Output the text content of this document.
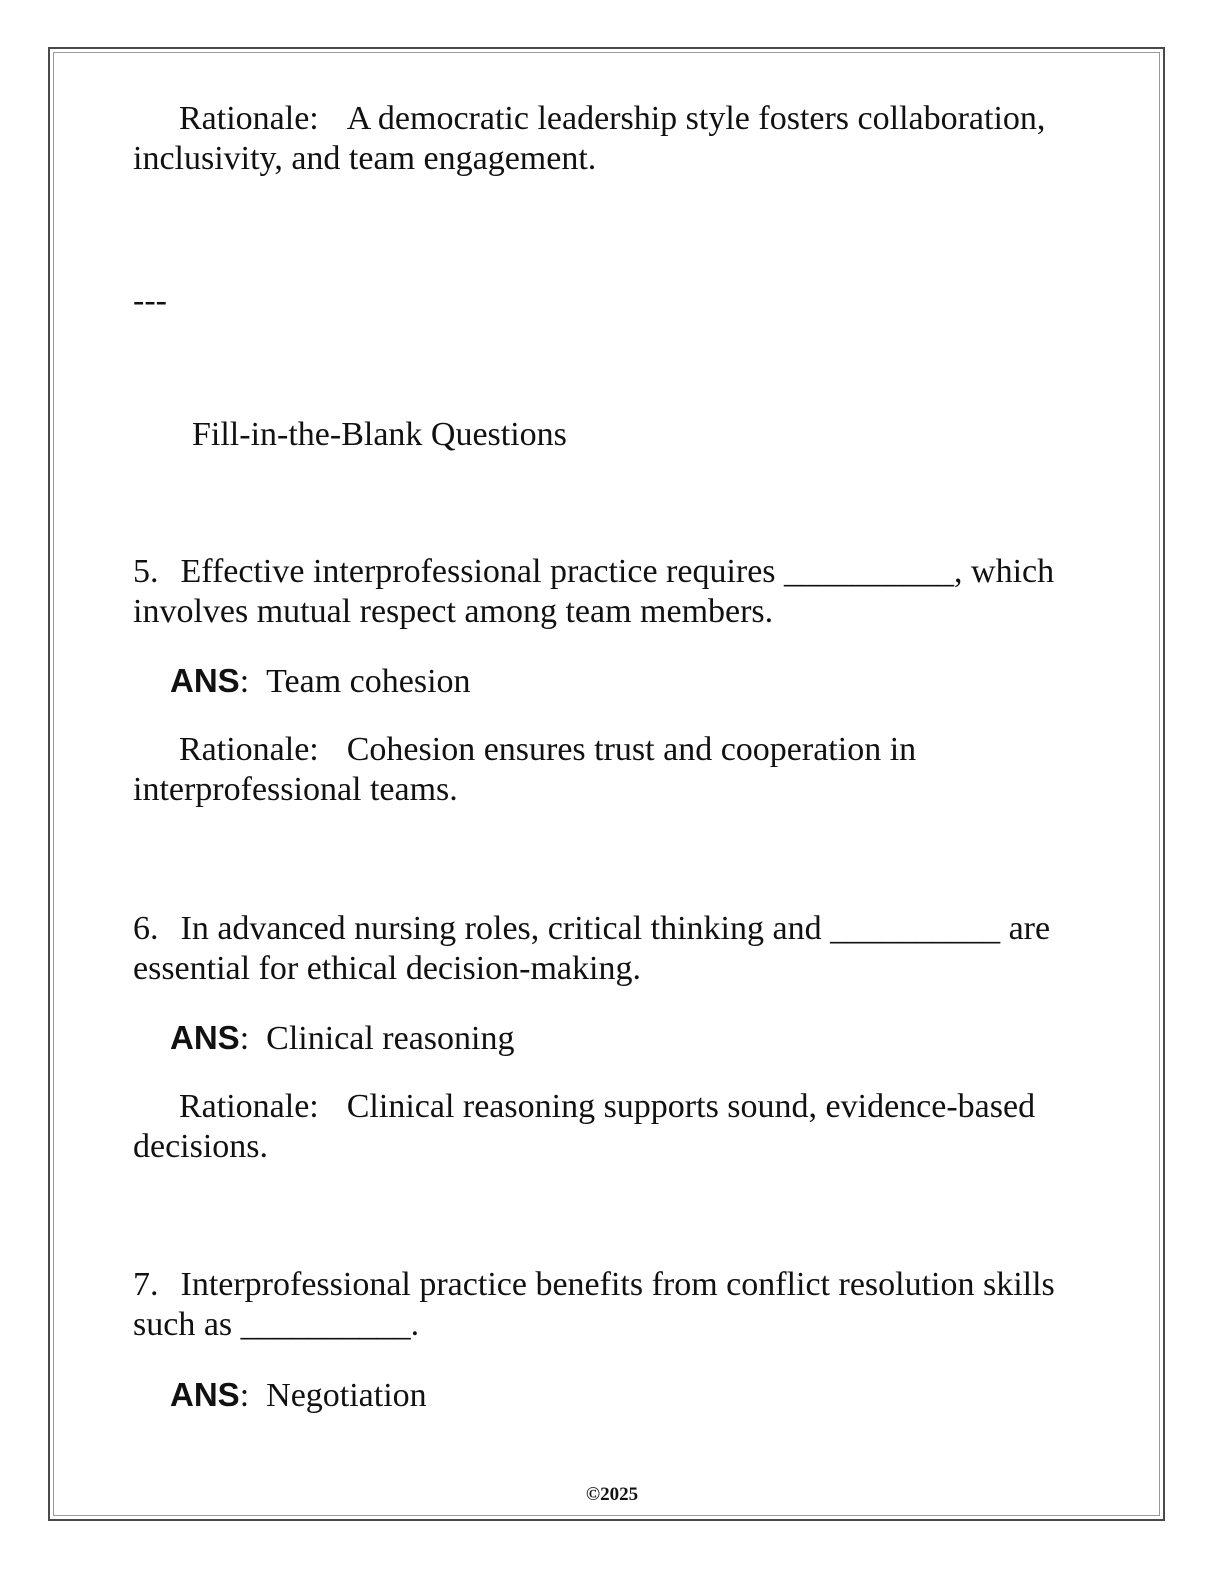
Rationale: A democratic leadership style fosters collaboration, inclusivity, and team engagement.

---
Fill-in-the-Blank Questions

5. Effective interprofessional practice requires __________, which involves mutual respect among team members.

ANS:  Team cohesion

Rationale: Cohesion ensures trust and cooperation in interprofessional teams.

6. In advanced nursing roles, critical thinking and __________ are essential for ethical decision-making.

ANS:  Clinical reasoning

Rationale: Clinical reasoning supports sound, evidence-based decisions.

7. Interprofessional practice benefits from conflict resolution skills such as __________.

ANS:  Negotiation
©2025
